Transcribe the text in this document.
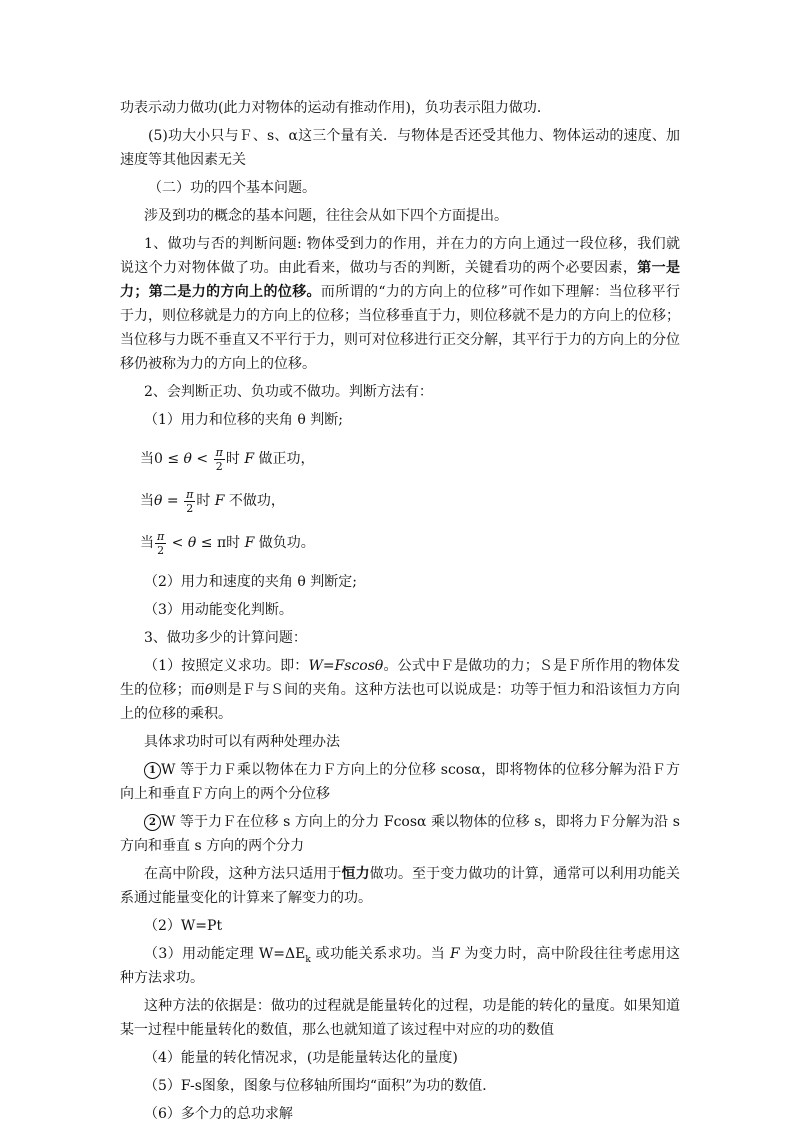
功表示动力做功(此力对物体的运动有推动作用)，负功表示阻力做功．

(5)功大小只与Ｆ、s、α这三个量有关．与物体是否还受其他力、物体运动的速度、加速度等其他因素无关

（二）功的四个基本问题。

涉及到功的概念的基本问题，往往会从如下四个方面提出。

1、做功与否的判断问题: 物体受到力的作用，并在力的方向上通过一段位移，我们就说这个力对物体做了功。由此看来，做功与否的判断，关键看功的两个必要因素，第一是力；第二是力的方向上的位移。而所谓的“力的方向上的位移”可作如下理解：当位移平行于力，则位移就是力的方向上的位移；当位移垂直于力，则位移就不是力的方向上的位移；当位移与力既不垂直又不平行于力，则可对位移进行正交分解，其平行于力的方向上的分位移仍被称为力的方向上的位移。

2、会判断正功、负功或不做功。判断方法有：

（1）用力和位移的夹角 θ 判断;

当$0 \le \theta < \frac{\pi}{2}$ 时 F 做正功，

当$\theta = \frac{\pi}{2}$ 时 F 不做功，

当 $\frac{\pi}{2} < \theta \le \pi$时 F 做负功。

（2）用力和速度的夹角 θ 判断定;

（3）用动能变化判断。

3、做功多少的计算问题：

（1）按照定义求功。即：W=Fscosθ。公式中Ｆ是做功的力；Ｓ是Ｆ所作用的物体发生的位移；而θ则是Ｆ与Ｓ间的夹角。这种方法也可以说成是：功等于恒力和沿该恒力方向上的位移的乘积。

具体求功时可以有两种处理办法

1 W 等于力Ｆ乘以物体在力Ｆ方向上的分位移 scosα，即将物体的位移分解为沿Ｆ方向上和垂直Ｆ方向上的两个分位移

2 W 等于力Ｆ在位移 s 方向上的分力 Fcosα 乘以物体的位移 s，即将力Ｆ分解为沿 s 方向和垂直 s 方向的两个分力

在高中阶段，这种方法只适用于恒力做功。至于变力做功的计算，通常可以利用功能关系通过能量变化的计算来了解变力的功。

（2）W=Pt

（3）用动能定理 $W=\Delta E_k$ 或功能关系求功。当 F 为变力时，高中阶段往往考虑用这种方法求功。

这种方法的依据是：做功的过程就是能量转化的过程，功是能的转化的量度。如果知道某一过程中能量转化的数值，那么也就知道了该过程中对应的功的数值

（4）能量的转化情况求，(功是能量转达化的量度)

（5）F-s图象，图象与位移轴所围均“面积”为功的数值．

（6）多个力的总功求解
